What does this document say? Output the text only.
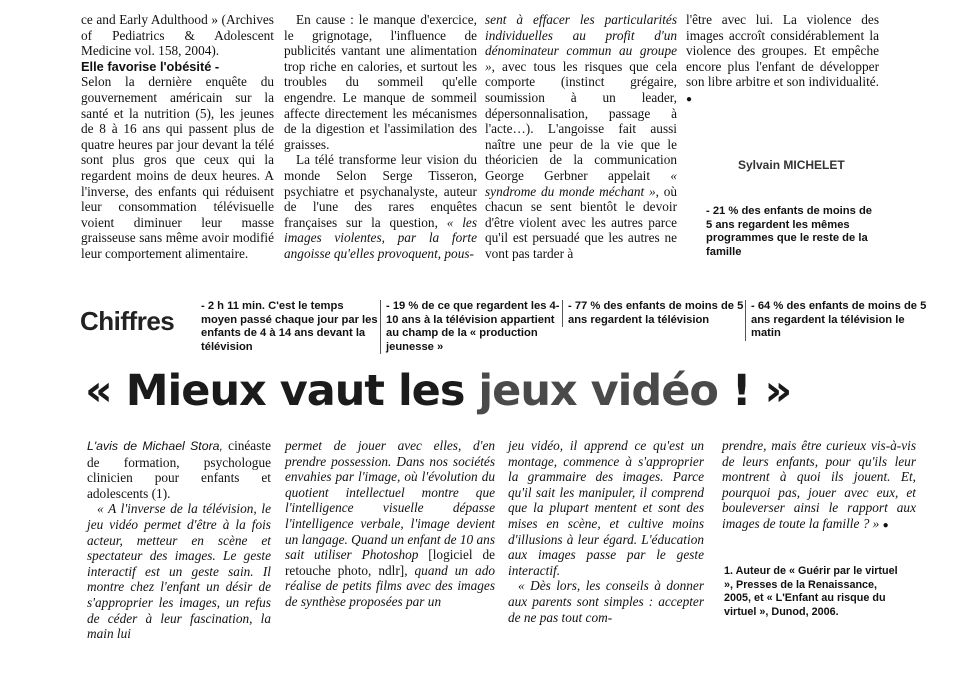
ce and Early Adulthood » (Archives of Pediatrics & Adolescent Medicine vol. 158, 2004).

Elle favorise l'obésité -

Selon la dernière enquête du gouvernement américain sur la santé et la nutrition (5), les jeunes de 8 à 16 ans qui passent plus de quatre heures par jour devant la télé sont plus gros que ceux qui la regardent moins de deux heures. A l'inverse, des enfants qui réduisent leur consommation télévisuelle voient diminuer leur masse graisseuse sans même avoir modifié leur comportement alimentaire.

En cause : le manque d'exercice, le grignotage, l'influence de publicités vantant une alimentation trop riche en calories, et surtout les troubles du sommeil qu'elle engendre. Le manque de sommeil affecte directement les mécanismes de la digestion et l'assimilation des graisses.

La télé transforme leur vision du monde Selon Serge Tisseron, psychiatre et psychanalyste, auteur de l'une des rares enquêtes françaises sur la question, « les images violentes, par la forte angoisse qu'elles provoquent, pous-

sent à effacer les particularités individuelles au profit d'un dénominateur commun au groupe », avec tous les risques que cela comporte (instinct grégaire, soumission à un leader, dépersonnalisation, passage à l'acte…). L'angoisse fait aussi naître une peur de la vie que le théoricien de la communication George Gerbner appelait « syndrome du monde méchant », où chacun se sent bientôt le devoir d'être violent avec les autres parce qu'il est persuadé que les autres ne vont pas tarder à

l'être avec lui. La violence des images accroît considérablement la violence des groupes. Et empêche encore plus l'enfant de développer son libre arbitre et son individualité. ●

Sylvain MICHELET
- 21 % des enfants de moins de 5 ans regardent les mêmes programmes que le reste de la famille
Chiffres	- 2 h 11 min. C'est le temps moyen passé chaque jour par les enfants de 4 à 14 ans devant la télévision
- 19 % de ce que regardent les 4-10 ans à la télévision appartient au champ de la « production jeunesse »
- 77 % des enfants de moins de 5 ans regardent la télévision
- 64 % des enfants de moins de 5 ans regardent la télévision le matin
« Mieux vaut les jeux vidéo ! »

L'avis de Michael Stora, cinéaste de formation, psychologue clinicien pour enfants et adolescents (1).

« A l'inverse de la télévision, le jeu vidéo permet d'être à la fois acteur, metteur en scène et spectateur des images. Le geste interactif est un geste sain. Il montre chez l'enfant un désir de s'approprier les images, un refus de céder à leur fascination, la main lui

permet de jouer avec elles, d'en prendre possession. Dans nos sociétés envahies par l'image, où l'évolution du quotient intellectuel montre que l'intelligence visuelle dépasse l'intelligence verbale, l'image devient un langage. Quand un enfant de 10 ans sait utiliser Photoshop [logiciel de retouche photo, ndlr], quand un ado réalise de petits films avec des images de synthèse proposées par un

jeu vidéo, il apprend ce qu'est un montage, commence à s'approprier la grammaire des images. Parce qu'il sait les manipuler, il comprend que la plupart mentent et sont des mises en scène, et cultive moins d'illusions à leur égard. L'éducation aux images passe par le geste interactif.

« Dès lors, les conseils à donner aux parents sont simples : accepter de ne pas tout com-

prendre, mais être curieux vis-à-vis de leurs enfants, pour qu'ils leur montrent à quoi ils jouent. Et, pourquoi pas, jouer avec eux, et bouleverser ainsi le rapport aux images de toute la famille ? » ●

1. Auteur de « Guérir par le virtuel », Presses de la Renaissance, 2005, et « L'Enfant au risque du virtuel », Dunod, 2006.
